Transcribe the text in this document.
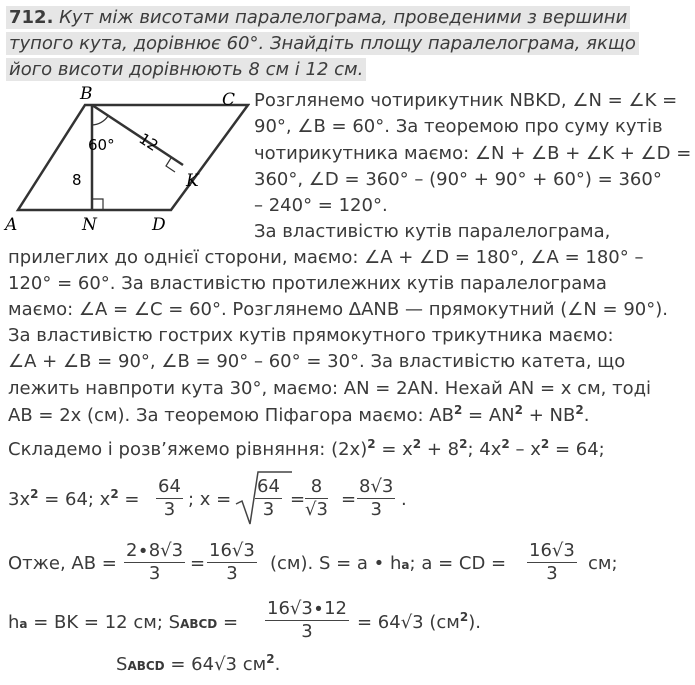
712. Кут між висотами паралелограма, проведеними з вершини
тупого кута, дорівнює 60°. Знайдіть площу паралелограма, якщо
його висоти дорівнюють 8 см і 12 см.
B	C
A	N	D
K
60°
8
12
Розглянемо чотирикутник NBKD, ∠N = ∠K =
90°, ∠B = 60°. За теоремою про суму кутів
чотирикутника маємо: ∠N + ∠B + ∠K + ∠D =
360°, ∠D = 360° – (90° + 90° + 60°) = 360°
– 240° = 120°.
За властивістю кутів паралелограма,
прилеглих до однієї сторони, маємо: ∠A + ∠D = 180°, ∠A = 180° –
120° = 60°. За властивістю протилежних кутів паралелограма
маємо: ∠A = ∠C = 60°. Розглянемо ΔANB — прямокутний (∠N = 90°).
За властивістю гострих кутів прямокутного трикутника маємо:
∠A + ∠B = 90°, ∠B = 90° – 60° = 30°. За властивістю катета, що
лежить навпроти кута 30°, маємо: AN = 2AN. Нехай AN = x см, тоді
AB = 2x (см). За теоремою Піфагора маємо: $AB^2 = AN^2 + NB^2$.
Складемо і розв’яжемо рівняння: $(2x)^2 = x^2 + 8^2$; $4x^2 - x^2 = 64$;
$3x^2 = 64$; $x^2 = \frac{64}{3}$ ; $x = \frac{64}{3} = \frac{8}{√3} = \frac{8√3}{3}$ .
Отже, AB = $\frac{2\cdot 8√3}{3} = \frac{16√3}{3} (см)$. S = a • ha; a = CD = $\frac{16√3}{3}$ см;
ha = BK = 12 см; SABCD = $\frac{16√3\cdot 12}{3} = 64√3$ $(см^2)$.
SABCD = 64√3 $см^2$.
